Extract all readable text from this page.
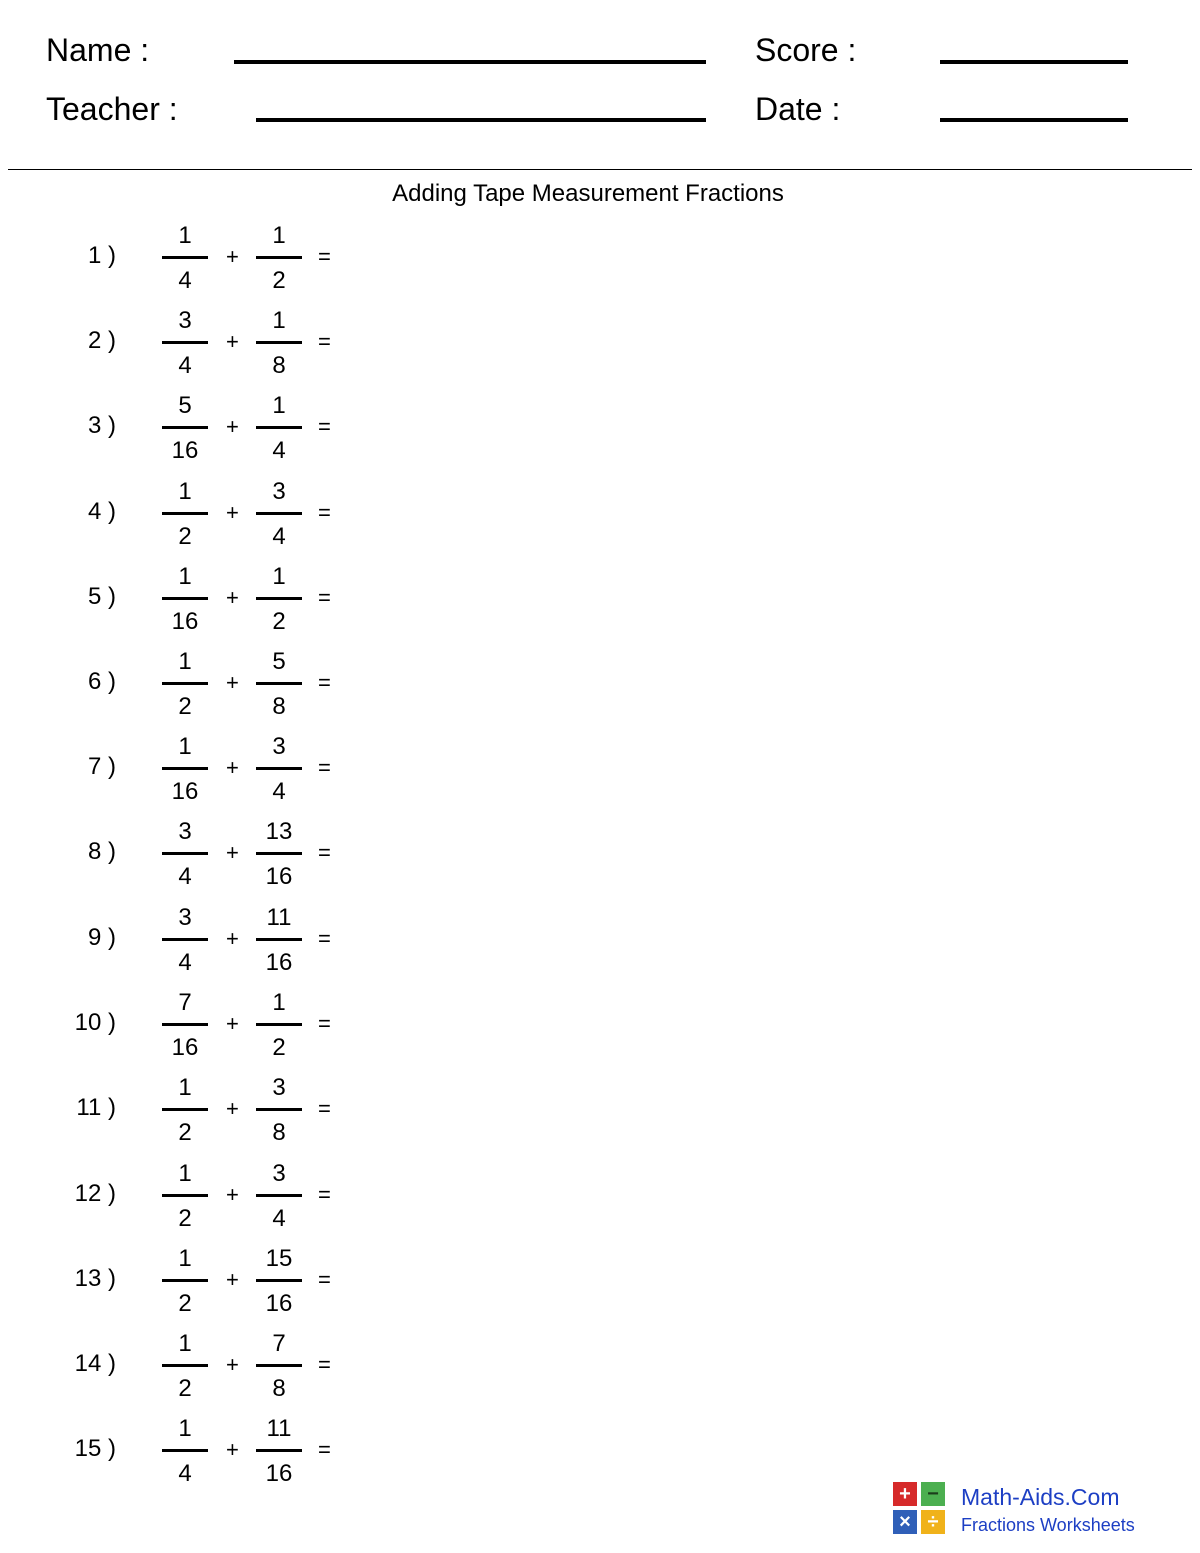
Name :	Score :
Teacher :	Date :
Adding Tape Measurement Fractions
1 )
1
4
+
1
2
=
2 )
3
4
+
1
8
=
3 )
5
16
+
1
4
=
4 )
1
2
+
3
4
=
5 )
1
16
+
1
2
=
6 )
1
2
+
5
8
=
7 )
1
16
+
3
4
=
8 )
3
4
+
13
16
=
9 )
3
4
+
11
16
=
10 )
7
16
+
1
2
=
11 )
1
2
+
3
8
=
12 )
1
2
+
3
4
=
13 )
1
2
+
15
16
=
14 )
1
2
+
7
8
=
15 )
1
4
+
11
16
=
+ −
× ÷
Math-Aids.Com
Fractions Worksheets
